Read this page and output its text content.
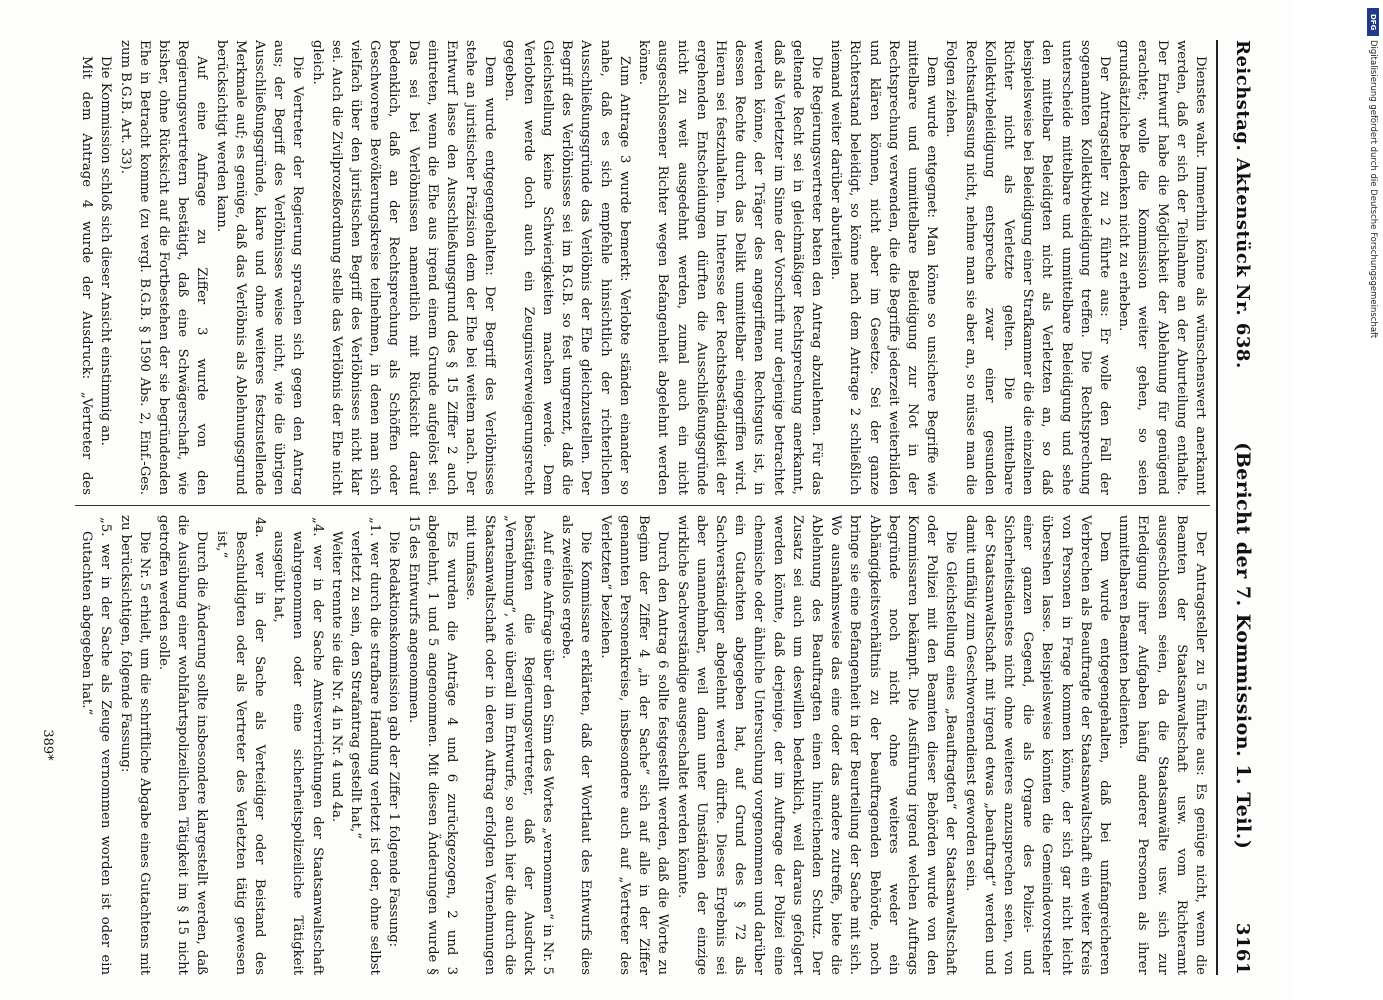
Reichstag. Aktenstück Nr. 638.
(Bericht der 7. Kommission. 1. Teil.)
3161

Dienstes wahr. Immerhin könne als wünschenswert anerkannt werden, daß er sich der Teilnahme an der Aburteilung enthalte. Der Entwurf habe die Möglichkeit der Ablehnung für genügend erachtet; wolle die Kommission weiter gehen, so seien grundsätzliche Bedenken nicht zu erheben.

Der Antragsteller zu 2 führte aus: Er wolle den Fall der sogenannten Kollektivbeleidigung treffen. Die Rechtsprechung unterscheide mittelbare und unmittelbare Beleidigung und sehe den mittelbar Beleidigten nicht als Verletzten an, so daß beispielsweise bei Beleidigung einer Strafkammer die die einzelnen Richter nicht als Verletzte gelten. Die mittelbare Kollektivbeleidigung entspreche zwar einer gesunden Rechtsauffassung nicht, nehme man sie aber an, so müsse man die Folgen ziehen.

Dem wurde entgegnet: Man könne so unsichere Begriffe wie mittelbare und unmittelbare Beleidigung zur Not in der Rechtsprechung verwenden, die die Begriffe jederzeit weiterbilden und klären können, nicht aber im Gesetze. Sei der ganze Richterstand beleidigt, so könne nach dem Antrage 2 schließlich niemand weiter darüber aburteilen.

Die Regierungsvertreter baten den Antrag abzulehnen. Für das geltende Recht sei in gleichmäßiger Rechtsprechung anerkannt, daß als Verletzter im Sinne der Vorschrift nur derjenige betrachtet werden könne, der Träger des angegriffenen Rechtsguts ist, in dessen Rechte durch das Delikt unmittelbar eingegriffen wird. Hieran sei festzuhalten. Im Interesse der Rechtsbeständigkeit der ergehenden Entscheidungen dürften die Ausschließungsgründe nicht zu weit ausgedehnt werden, zumal auch ein nicht ausgeschlossener Richter wegen Befangenheit abgelehnt werden könne.

Zum Antrage 3 wurde bemerkt: Verlobte ständen einander so nahe, daß es sich empfehle hinsichtlich der richterlichen Ausschließungsgründe das Verlöbnis der Ehe gleichzustellen. Der Begriff des Verlöbnisses sei im B.G.B. so fest umgrenzt, daß die Gleichstellung keine Schwierigkeiten machen werde. Dem Verlobten werde doch auch ein Zeugnisverweigerungsrecht gegeben.

Dem wurde entgegengehalten: Der Begriff des Verlöbnisses stehe an juristischer Präzision dem der Ehe bei weitem nach. Der Entwurf lasse den Ausschließungsgrund des § 15 Ziffer 2 auch eintreten, wenn die Ehe aus irgend einem Grunde aufgelöst sei. Das sei bei Verlöbnissen namentlich mit Rücksicht darauf bedenklich, daß an der Rechtsprechung als Schöffen oder Geschworene Bevölkerungskreise teilnehmen, in denen man sich vielfach über den juristischen Begriff des Verlöbnisses nicht klar sei. Auch die Zivilprozeßordnung stelle das Verlöbnis der Ehe nicht gleich.

Die Vertreter der Regierung sprachen sich gegen den Antrag aus; der Begriff des Verlöbnisses weise nicht, wie die übrigen Ausschließungsgründe, klare und ohne weiteres festzustellende Merkmale auf; es genüge, daß das Verlöbnis als Ablehnungsgrund berücksichtigt werden kann.

Auf eine Anfrage zu Ziffer 3 wurde von den Regierungsvertretern bestätigt, daß eine Schwägerschaft, wie bisher, ohne Rücksicht auf die Fortbestehen der sie begründenden Ehe in Betracht komme (zu vergl. B.G.B. § 1590 Abs. 2, Einf.-Ges. zum B.G.B. Art. 33).

Die Kommission schloß sich dieser Ansicht einstimmig an.

Mit dem Antrage 4 wurde der Ausdruck: „Vertreter des

Der Antragsteller zu 5 führte aus: Es genüge nicht, wenn die Beamten der Staatsanwaltschaft usw. vom Richteramt ausgeschlossen seien, da die Staatsanwälte usw. sich zur Erledigung ihrer Aufgaben häufig anderer Personen als ihrer unmittelbaren Beamten bedienten.

Dem wurde entgegengehalten, daß bei umfangreicheren Verbrechen als Beauftragte der Staatsanwaltschaft ein weiter Kreis von Personen in Frage kommen könne, der sich gar nicht leicht übersehen lasse. Beispielsweise könnten die Gemeindevorsteher einer ganzen Gegend, die als Organe des Polizei- und Sicherheitsdienstes nicht ohne weiteres anzusprechen seien, von der Staatsanwaltschaft mit irgend etwas „beauftragt“ werden und damit unfähig zum Geschworenendienst geworden sein.

Die Gleichstellung eines „Beauftragten“ der Staatsanwaltschaft oder Polizei mit den Beamten dieser Behörden wurde von den Kommissaren bekämpft. Die Ausführung irgend welchen Auftrags begründe noch nicht ohne weiteres weder ein Abhängigkeitsverhältnis zu der beauftragenden Behörde, noch bringe sie eine Befangenheit in der Beurteilung der Sache mit sich. Wo ausnahmsweise das eine oder das andere zutreffe, biete die Ablehnung des Beauftragten einen hinreichenden Schutz. Der Zusatz sei auch um deswillen bedenklich, weil daraus gefolgert werden könnte, daß derjenige, der im Auftrage der Polizei eine chemische oder ähnliche Untersuchung vorgenommen und darüber ein Gutachten abgegeben hat, auf Grund des § 72 als Sachverständiger abgelehnt werden dürfte. Dieses Ergebnis sei aber unannehmbar, weil dann unter Umständen der einzige wirkliche Sachverständige ausgeschaltet werden könnte.

Durch den Antrag 6 sollte festgestellt werden, daß die Worte zu Beginn der Ziffer 4 „in der Sache“ sich auf alle in der Ziffer genannten Personenkreise, insbesondere auch auf „Vertreter des Verletzten“ beziehen.

Die Kommissare erklärten, daß der Wortlaut des Entwurfs dies als zweifellos ergebe.

Auf eine Anfrage über den Sinn des Wortes „vernommen“ in Nr. 5 bestätigten die Regierungsvertreter, daß der Ausdruck „Vernehmung“, wie überall im Entwurfe, so auch hier die durch die Staatsanwaltschaft oder in deren Auftrag erfolgten Vernehmungen mit umfasse.

Es wurden die Anträge 4 und 6 zurückgezogen, 2 und 3 abgelehnt, 1 und 5 angenommen. Mit diesen Änderungen wurde § 15 des Entwurfs angenommen.

Die Redaktionskommission gab der Ziffer 1 folgende Fassung:

„1. wer durch die strafbare Handlung verletzt ist oder, ohne selbst verletzt zu sein, den Strafantrag gestellt hat,“

Weiter trennte sie die Nr. 4 in Nr. 4 und 4a.

„4. wer in der Sache Amtsverrichtungen der Staatsanwaltschaft wahrgenommen oder eine sicherheitspolizeiliche Tätigkeit ausgeübt hat,

4a. wer in der Sache als Verteidiger oder Beistand des Beschuldigten oder als Vertreter des Verletzten tätig gewesen ist,“

Durch die Änderung sollte insbesondere klargestellt werden, daß die Ausübung einer wohlfahrtspolizeilichen Tätigkeit im § 15 nicht getroffen werden solle.

Die Nr. 5 erhielt, um die schriftliche Abgabe eines Gutachtens mit zu berücksichtigen, folgende Fassung:

„5. wer in der Sache als Zeuge vernommen worden ist oder ein Gutachten abgegeben hat.“

389*
DFG
Digitalisierung gefördert durch die Deutsche Forschungsgemeinschaft
